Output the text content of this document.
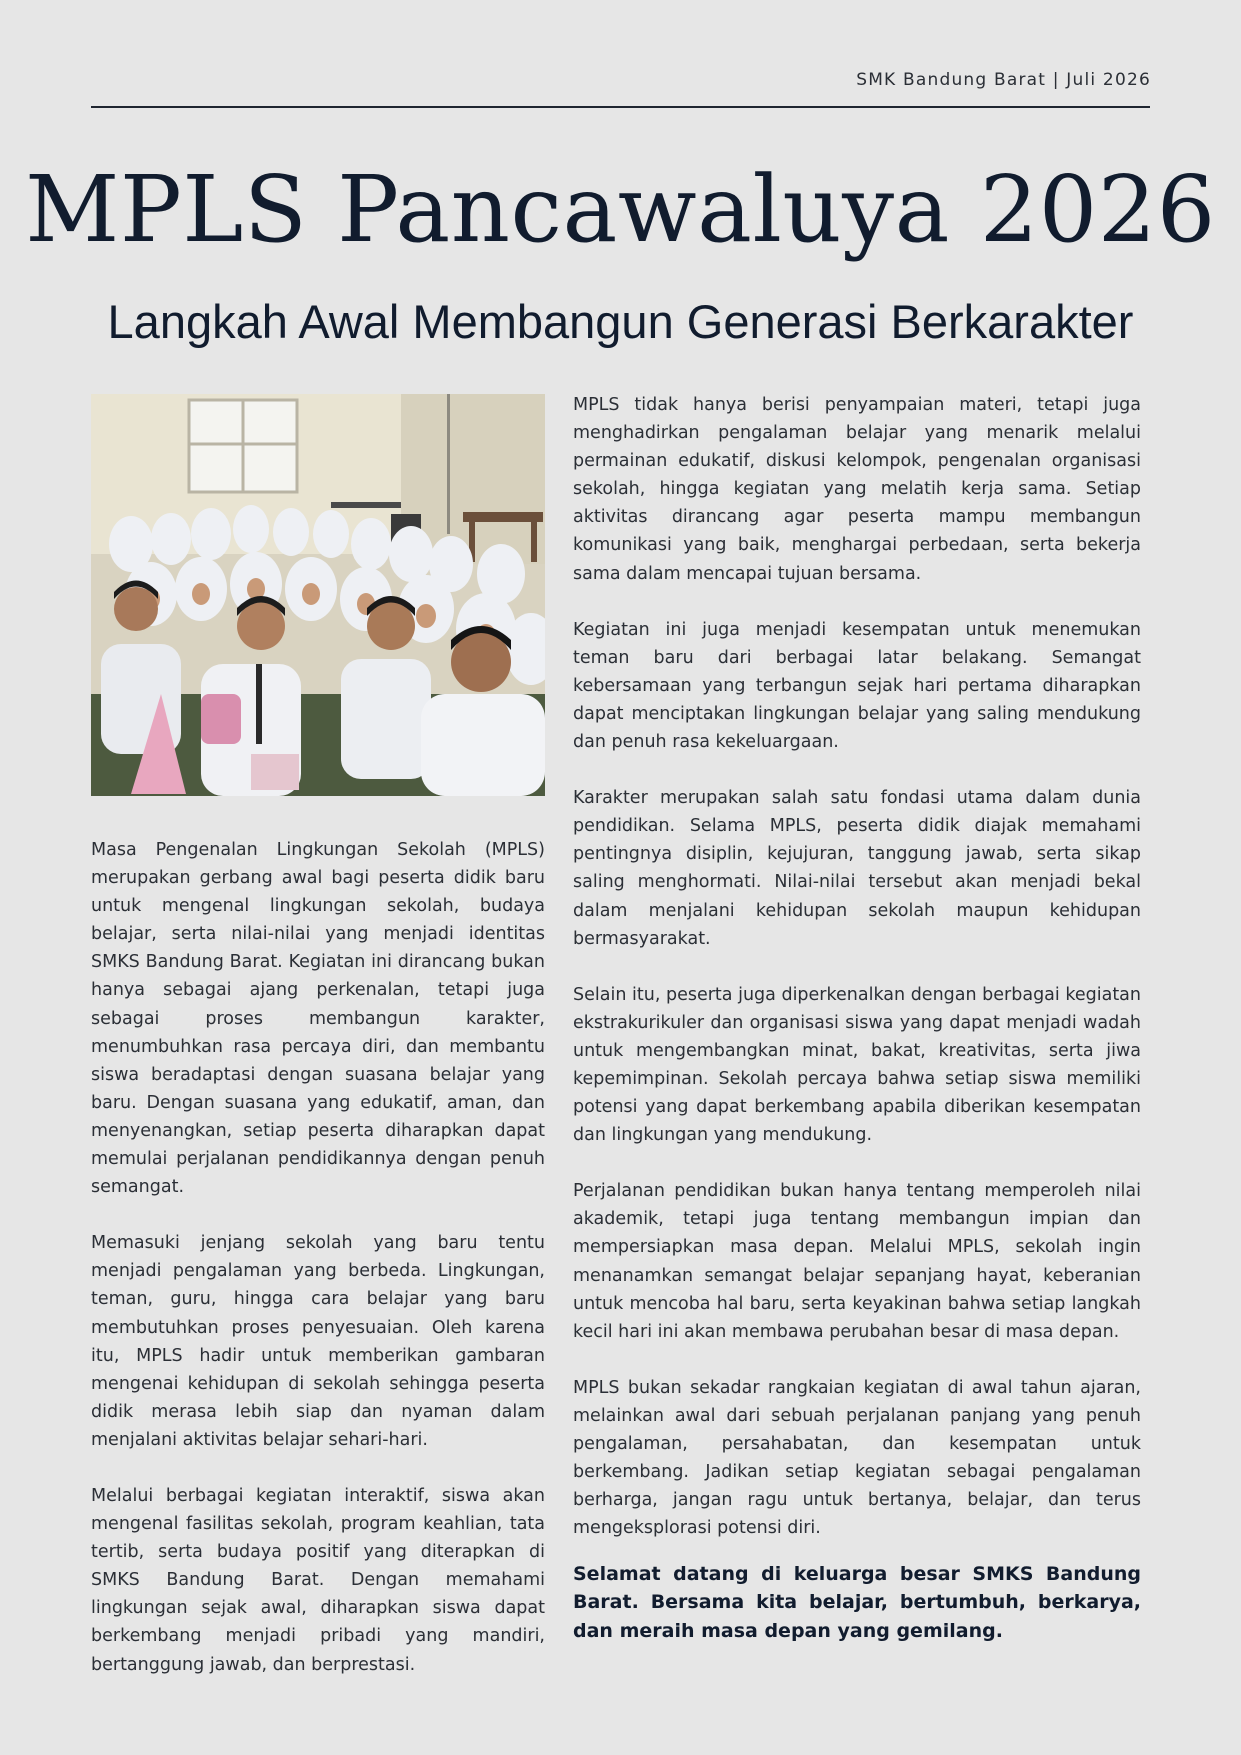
SMK Bandung Barat | Juli 2026
MPLS Pancawaluya 2026
Langkah Awal Membangun Generasi Berkarakter

Masa Pengenalan Lingkungan Sekolah (MPLS) merupakan gerbang awal bagi peserta didik baru untuk mengenal lingkungan sekolah, budaya belajar, serta nilai-nilai yang menjadi identitas SMKS Bandung Barat. Kegiatan ini dirancang bukan hanya sebagai ajang perkenalan, tetapi juga sebagai proses membangun karakter, menumbuhkan rasa percaya diri, dan membantu siswa beradaptasi dengan suasana belajar yang baru. Dengan suasana yang edukatif, aman, dan menyenangkan, setiap peserta diharapkan dapat memulai perjalanan pendidikannya dengan penuh semangat.

Memasuki jenjang sekolah yang baru tentu menjadi pengalaman yang berbeda. Lingkungan, teman, guru, hingga cara belajar yang baru membutuhkan proses penyesuaian. Oleh karena itu, MPLS hadir untuk memberikan gambaran mengenai kehidupan di sekolah sehingga peserta didik merasa lebih siap dan nyaman dalam menjalani aktivitas belajar sehari-hari.

Melalui berbagai kegiatan interaktif, siswa akan mengenal fasilitas sekolah, program keahlian, tata tertib, serta budaya positif yang diterapkan di SMKS Bandung Barat. Dengan memahami lingkungan sejak awal, diharapkan siswa dapat berkembang menjadi pribadi yang mandiri, bertanggung jawab, dan berprestasi.

MPLS tidak hanya berisi penyampaian materi, tetapi juga menghadirkan pengalaman belajar yang menarik melalui permainan edukatif, diskusi kelompok, pengenalan organisasi sekolah, hingga kegiatan yang melatih kerja sama. Setiap aktivitas dirancang agar peserta mampu membangun komunikasi yang baik, menghargai perbedaan, serta bekerja sama dalam mencapai tujuan bersama.

Kegiatan ini juga menjadi kesempatan untuk menemukan teman baru dari berbagai latar belakang. Semangat kebersamaan yang terbangun sejak hari pertama diharapkan dapat menciptakan lingkungan belajar yang saling mendukung dan penuh rasa kekeluargaan.

Karakter merupakan salah satu fondasi utama dalam dunia pendidikan. Selama MPLS, peserta didik diajak memahami pentingnya disiplin, kejujuran, tanggung jawab, serta sikap saling menghormati. Nilai-nilai tersebut akan menjadi bekal dalam menjalani kehidupan sekolah maupun kehidupan bermasyarakat.

Selain itu, peserta juga diperkenalkan dengan berbagai kegiatan ekstrakurikuler dan organisasi siswa yang dapat menjadi wadah untuk mengembangkan minat, bakat, kreativitas, serta jiwa kepemimpinan. Sekolah percaya bahwa setiap siswa memiliki potensi yang dapat berkembang apabila diberikan kesempatan dan lingkungan yang mendukung.

Perjalanan pendidikan bukan hanya tentang memperoleh nilai akademik, tetapi juga tentang membangun impian dan mempersiapkan masa depan. Melalui MPLS, sekolah ingin menanamkan semangat belajar sepanjang hayat, keberanian untuk mencoba hal baru, serta keyakinan bahwa setiap langkah kecil hari ini akan membawa perubahan besar di masa depan.

MPLS bukan sekadar rangkaian kegiatan di awal tahun ajaran, melainkan awal dari sebuah perjalanan panjang yang penuh pengalaman, persahabatan, dan kesempatan untuk berkembang. Jadikan setiap kegiatan sebagai pengalaman berharga, jangan ragu untuk bertanya, belajar, dan terus mengeksplorasi potensi diri.

Selamat datang di keluarga besar SMKS Bandung Barat. Bersama kita belajar, bertumbuh, berkarya, dan meraih masa depan yang gemilang.
